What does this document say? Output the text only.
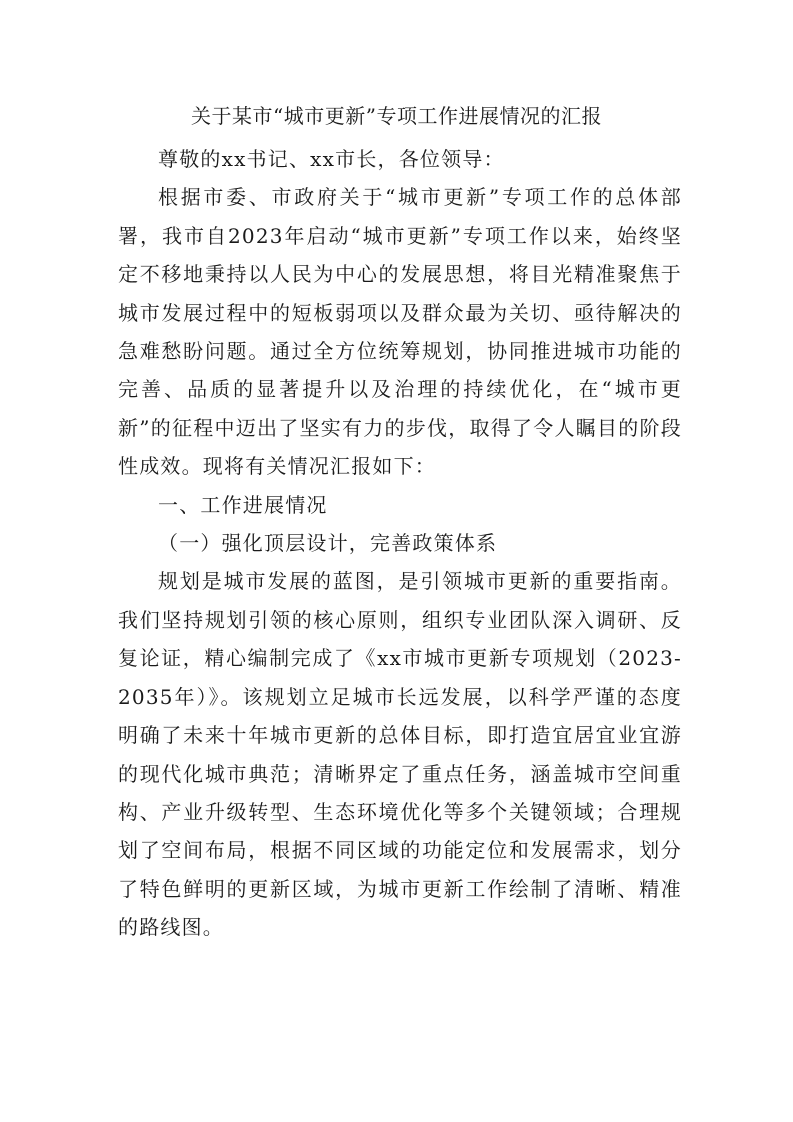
关于某市“城市更新”专项工作进展情况的汇报

尊敬的xx书记、xx市长，各位领导：

根据市委、市政府关于“城市更新”专项工作的总体部署，我市自2023年启动“城市更新”专项工作以来，始终坚定不移地秉持以人民为中心的发展思想，将目光精准聚焦于城市发展过程中的短板弱项以及群众最为关切、亟待解决的急难愁盼问题。通过全方位统筹规划，协同推进城市功能的完善、品质的显著提升以及治理的持续优化，在“城市更新”的征程中迈出了坚实有力的步伐，取得了令人瞩目的阶段性成效。现将有关情况汇报如下：

一、工作进展情况

（一）强化顶层设计，完善政策体系

规划是城市发展的蓝图，是引领城市更新的重要指南。我们坚持规划引领的核心原则，组织专业团队深入调研、反复论证，精心编制完成了《xx市城市更新专项规划（2023-2035年）》。该规划立足城市长远发展，以科学严谨的态度明确了未来十年城市更新的总体目标，即打造宜居宜业宜游的现代化城市典范；清晰界定了重点任务，涵盖城市空间重构、产业升级转型、生态环境优化等多个关键领域；合理规划了空间布局，根据不同区域的功能定位和发展需求，划分了特色鲜明的更新区域，为城市更新工作绘制了清晰、精准的路线图。
